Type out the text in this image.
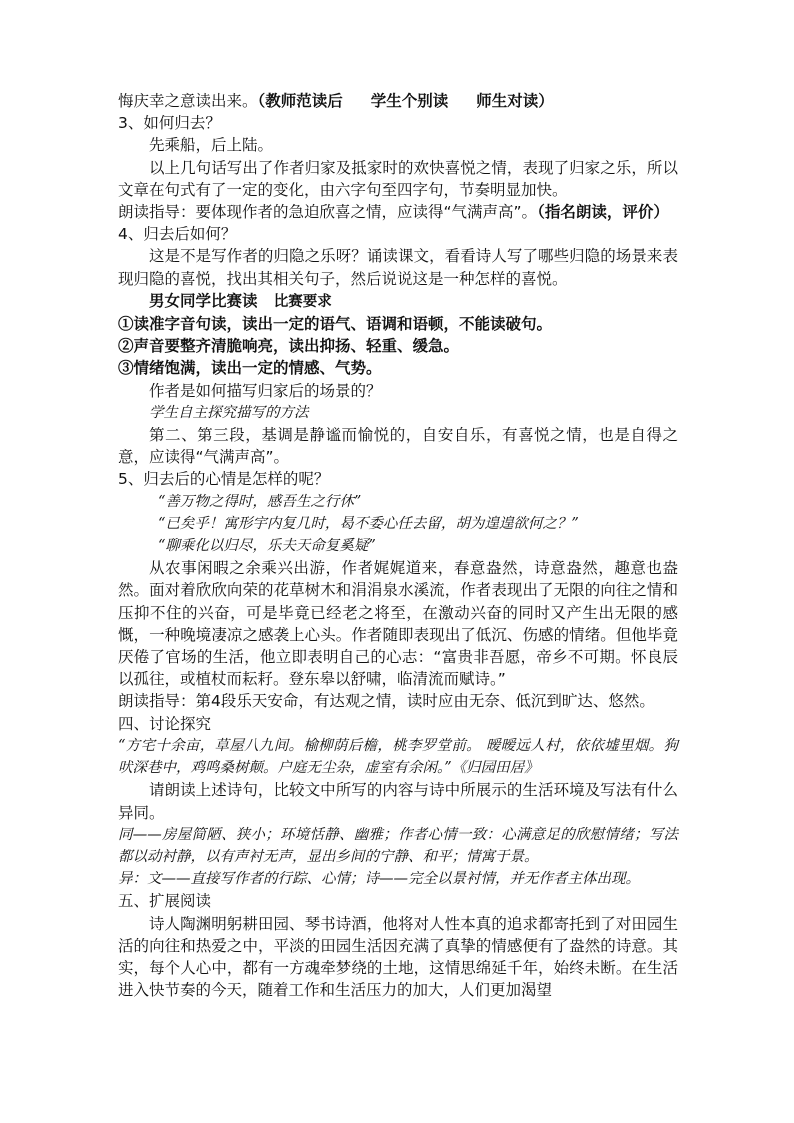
悔庆幸之意读出来。（教师范读后 学生个别读 师生对读）

3、如何归去？

先乘船，后上陆。

以上几句话写出了作者归家及抵家时的欢快喜悦之情，表现了归家之乐，所以文章在句式有了一定的变化，由六字句至四字句，节奏明显加快。

朗读指导：要体现作者的急迫欣喜之情，应读得“气满声高”。（指名朗读，评价）

4、归去后如何？

这是不是写作者的归隐之乐呀？诵读课文，看看诗人写了哪些归隐的场景来表现归隐的喜悦，找出其相关句子，然后说说这是一种怎样的喜悦。

男女同学比赛读 比赛要求

①读准字音句读，读出一定的语气、语调和语顿，不能读破句。

②声音要整齐清脆响亮，读出抑扬、轻重、缓急。

③情绪饱满，读出一定的情感、气势。

作者是如何描写归家后的场景的？

学生自主探究描写的方法

第二、第三段，基调是静谧而愉悦的，自安自乐，有喜悦之情，也是自得之意，应读得“气满声高”。

5、归去后的心情是怎样的呢？

“善万物之得时，感吾生之行休”

“已矣乎！寓形宇内复几时，曷不委心任去留，胡为遑遑欲何之？”

“聊乘化以归尽，乐夫天命复奚疑”

从农事闲暇之余乘兴出游，作者娓娓道来，春意盎然，诗意盎然，趣意也盎然。面对着欣欣向荣的花草树木和涓涓泉水溪流，作者表现出了无限的向往之情和压抑不住的兴奋，可是毕竟已经老之将至，在激动兴奋的同时又产生出无限的感慨，一种晚境凄凉之感袭上心头。作者随即表现出了低沉、伤感的情绪。但他毕竟厌倦了官场的生活，他立即表明自己的心志：“富贵非吾愿，帝乡不可期。怀良辰以孤往，或植杖而耘耔。登东皋以舒啸，临清流而赋诗。”

朗读指导：第4段乐天安命，有达观之情，读时应由无奈、低沉到旷达、悠然。

四、讨论探究

“方宅十余亩，草屋八九间。榆柳荫后檐，桃李罗堂前。 暧暧远人村，依依墟里烟。狗吠深巷中，鸡鸣桑树颠。户庭无尘杂，虚室有余闲。”《归园田居》

请朗读上述诗句，比较文中所写的内容与诗中所展示的生活环境及写法有什么异同。

同——房屋简陋、狭小；环境恬静、幽雅；作者心情一致：心满意足的欣慰情绪；写法都以动衬静，以有声衬无声，显出乡间的宁静、和平；情寓于景。

异：文——直接写作者的行踪、心情；诗——完全以景衬情，并无作者主体出现。

五、扩展阅读

诗人陶渊明躬耕田园、琴书诗酒，他将对人性本真的追求都寄托到了对田园生活的向往和热爱之中，平淡的田园生活因充满了真挚的情感便有了盎然的诗意。其实，每个人心中，都有一方魂牵梦绕的土地，这情思绵延千年，始终未断。在生活进入快节奏的今天，随着工作和生活压力的加大，人们更加渴望
